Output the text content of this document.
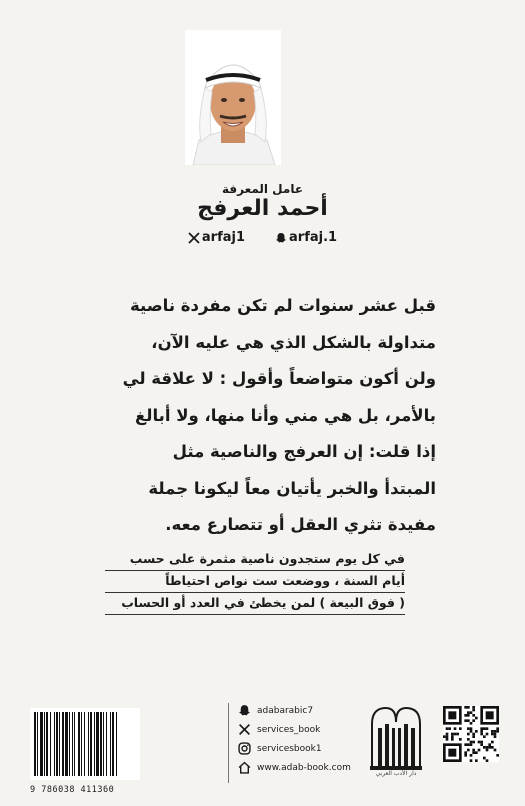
عامل المعرفة
أحمد العرفج
arfaj1	arfaj.1

قبل عشر سنوات لم تكن مفردة ناصية

متداولة بالشكل الذي هي عليه الآن،

ولن أكون متواضعاً وأقول : لا علاقة لي

بالأمر، بل هي مني وأنا منها، ولا أبالغ

إذا قلت: إن العرفج والناصية مثل

المبتدأ والخبر يأتيان معاً ليكونا جملة

مفيدة تثري العقل أو تتصارع معه.

في كل يوم ستجدون ناصية مثمرة على حسب
أيام السنة ، ووضعت ست نواص احتياطاً
( فوق البيعة ) لمن يخطئ في العدد أو الحساب
9 786038 411360
adabarabic7
services_book
servicesbook1
www.adab-book.com
دار الأدب العربي
